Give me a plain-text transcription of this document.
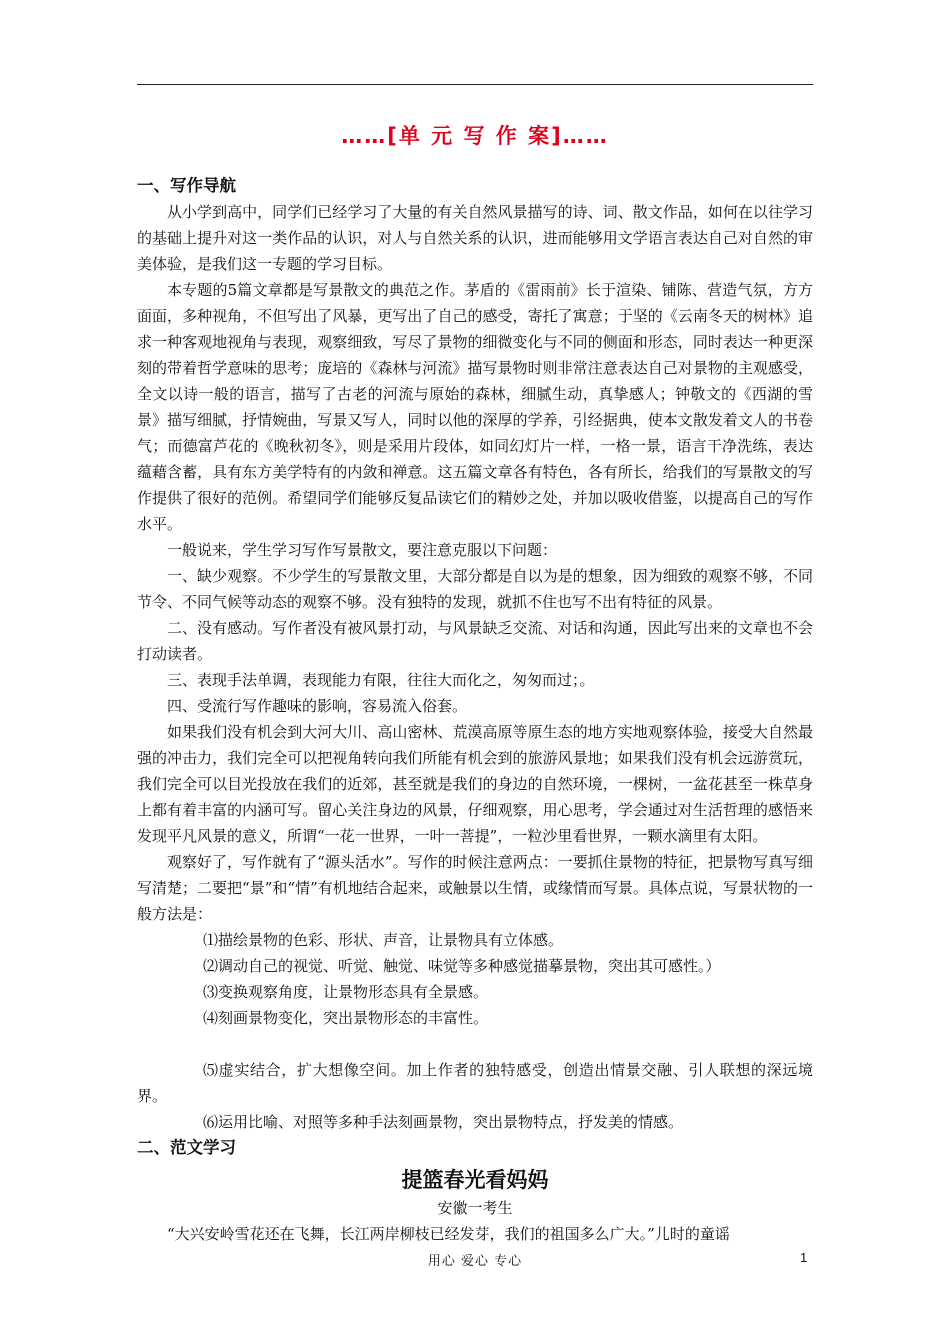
……[单 元 写 作 案]……
一、写作导航

从小学到高中，同学们已经学习了大量的有关自然风景描写的诗、词、散文作品，如何在以往学习的基础上提升对这一类作品的认识，对人与自然关系的认识，进而能够用文学语言表达自己对自然的审美体验，是我们这一专题的学习目标。

本专题的5篇文章都是写景散文的典范之作。茅盾的《雷雨前》长于渲染、铺陈、营造气氛，方方面面，多种视角，不但写出了风暴，更写出了自己的感受，寄托了寓意；于坚的《云南冬天的树林》追求一种客观地视角与表现，观察细致，写尽了景物的细微变化与不同的侧面和形态，同时表达一种更深刻的带着哲学意味的思考；庞培的《森林与河流》描写景物时则非常注意表达自己对景物的主观感受，全文以诗一般的语言，描写了古老的河流与原始的森林，细腻生动，真挚感人；钟敬文的《西湖的雪景》描写细腻，抒情婉曲，写景又写人，同时以他的深厚的学养，引经据典，使本文散发着文人的书卷气；而德富芦花的《晚秋初冬》，则是采用片段体，如同幻灯片一样，一格一景，语言干净洗练，表达蕴藉含蓄，具有东方美学特有的内敛和禅意。这五篇文章各有特色，各有所长，给我们的写景散文的写作提供了很好的范例。希望同学们能够反复品读它们的精妙之处，并加以吸收借鉴，以提高自己的写作水平。

一般说来，学生学习写作写景散文，要注意克服以下问题：

一、缺少观察。不少学生的写景散文里，大部分都是自以为是的想象，因为细致的观察不够，不同节令、不同气候等动态的观察不够。没有独特的发现，就抓不住也写不出有特征的风景。

二、没有感动。写作者没有被风景打动，与风景缺乏交流、对话和沟通，因此写出来的文章也不会打动读者。

三、表现手法单调，表现能力有限，往往大而化之，匆匆而过；。

四、受流行写作趣味的影响，容易流入俗套。

如果我们没有机会到大河大川、高山密林、荒漠高原等原生态的地方实地观察体验，接受大自然最强的冲击力，我们完全可以把视角转向我们所能有机会到的旅游风景地；如果我们没有机会远游赏玩，我们完全可以目光投放在我们的近郊，甚至就是我们的身边的自然环境，一棵树，一盆花甚至一株草身上都有着丰富的内涵可写。留心关注身边的风景，仔细观察，用心思考，学会通过对生活哲理的感悟来发现平凡风景的意义，所谓“一花一世界，一叶一菩提”，一粒沙里看世界，一颗水滴里有太阳。

观察好了，写作就有了“源头活水”。写作的时候注意两点：一要抓住景物的特征，把景物写真写细写清楚；二要把“景”和“情”有机地结合起来，或触景以生情，或缘情而写景。具体点说，写景状物的一般方法是：

⑴描绘景物的色彩、形状、声音，让景物具有立体感。

⑵调动自己的视觉、听觉、触觉、味觉等多种感觉描摹景物，突出其可感性。）

⑶变换观察角度，让景物形态具有全景感。

⑷刻画景物变化，突出景物形态的丰富性。

⑸虚实结合，扩大想像空间。加上作者的独特感受，创造出情景交融、引人联想的深远境界。

⑹运用比喻、对照等多种手法刻画景物，突出景物特点，抒发美的情感。

二、范文学习
提篮春光看妈妈
安徽一考生

“大兴安岭雪花还在飞舞，长江两岸柳枝已经发芽，我们的祖国多么广大。”儿时的童谣

用心 爱心 专心	1
